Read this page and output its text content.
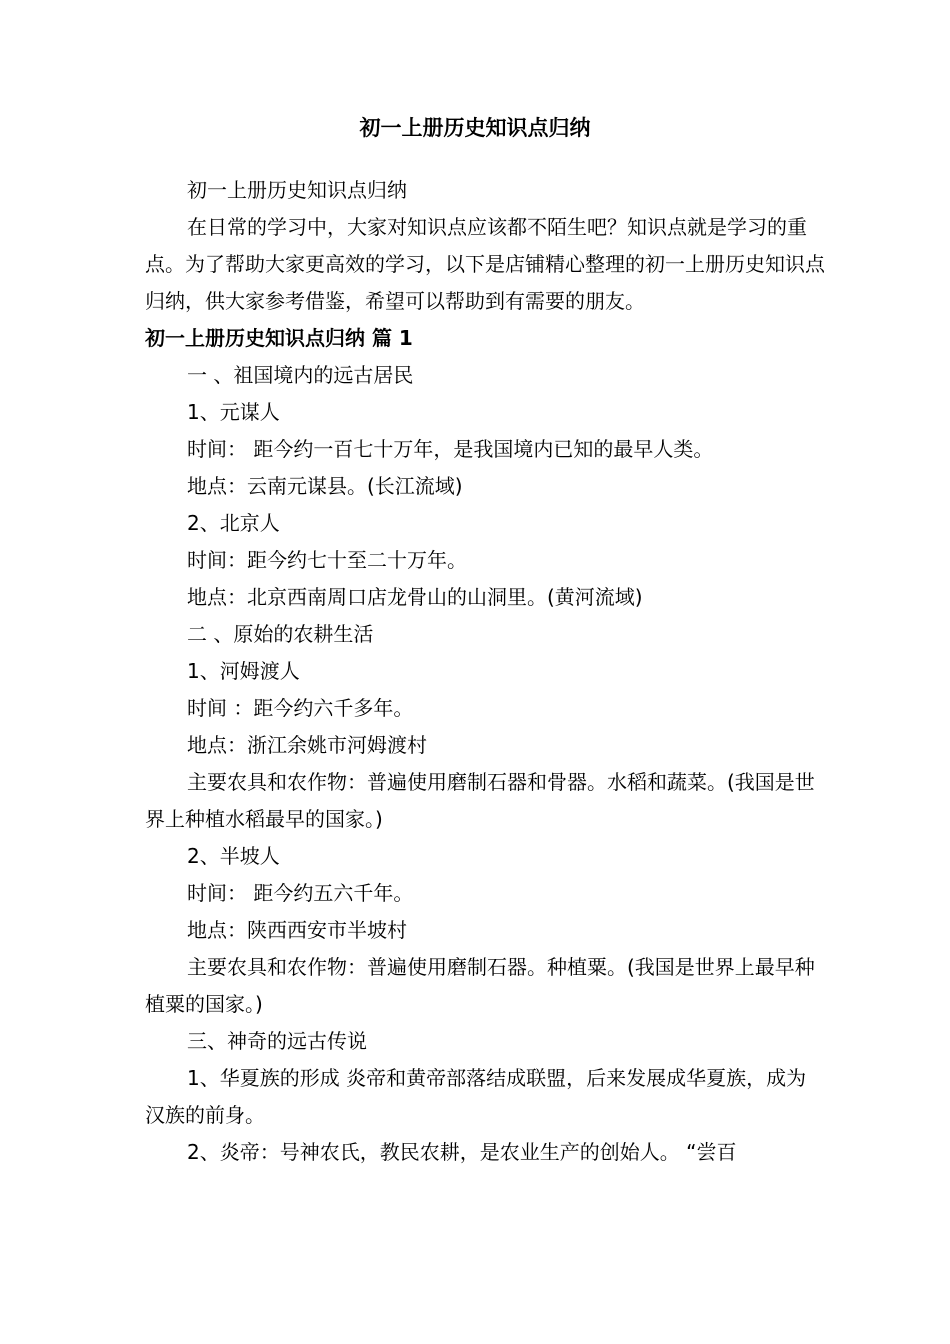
初一上册历史知识点归纳

初一上册历史知识点归纳

在日常的学习中，大家对知识点应该都不陌生吧？知识点就是学习的重点。为了帮助大家更高效的学习，以下是店铺精心整理的初一上册历史知识点归纳，供大家参考借鉴，希望可以帮助到有需要的朋友。

初一上册历史知识点归纳 篇 1

一 、祖国境内的远古居民

1、元谋人

时间： 距今约一百七十万年，是我国境内已知的最早人类。

地点：云南元谋县。(长江流域)

2、北京人

时间：距今约七十至二十万年。

地点：北京西南周口店龙骨山的山洞里。(黄河流域)

二 、原始的农耕生活

1、河姆渡人

时间 ：距今约六千多年。

地点：浙江余姚市河姆渡村

主要农具和农作物：普遍使用磨制石器和骨器。水稻和蔬菜。(我国是世界上种植水稻最早的国家。)

2、半坡人

时间： 距今约五六千年。

地点：陕西西安市半坡村

主要农具和农作物：普遍使用磨制石器。种植粟。(我国是世界上最早种植粟的国家。)

三、神奇的远古传说

1、华夏族的形成 炎帝和黄帝部落结成联盟，后来发展成华夏族，成为汉族的前身。

2、炎帝：号神农氏，教民农耕，是农业生产的创始人。 “尝百
